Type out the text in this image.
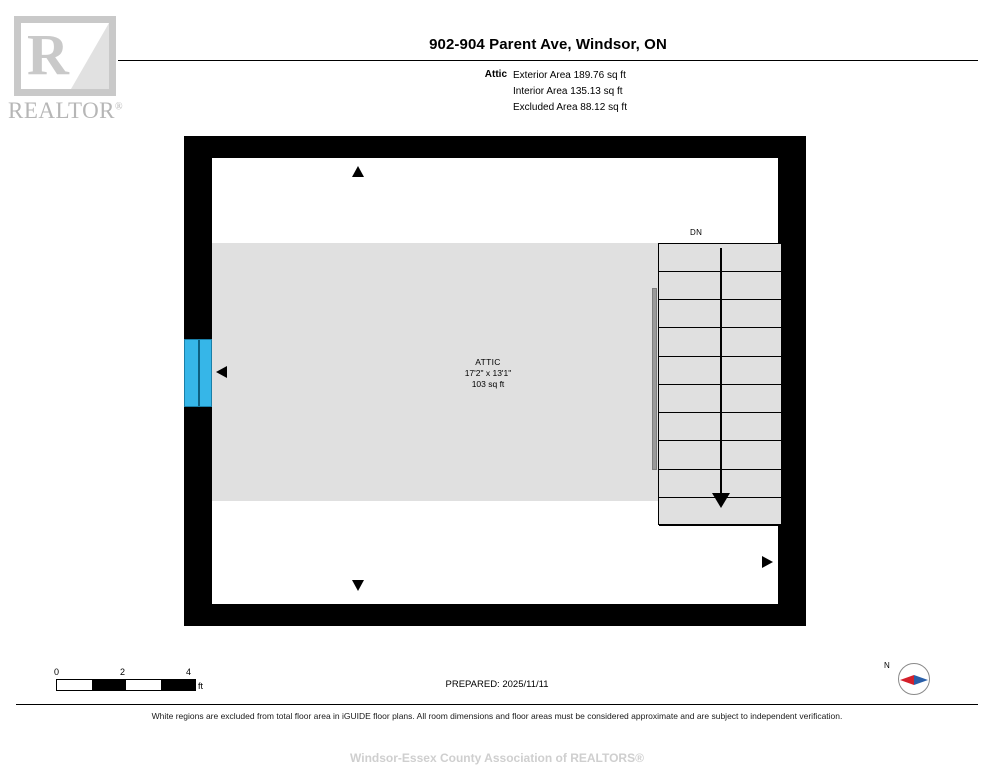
R
REALTOR®
902-904 Parent Ave, Windsor, ON
Attic Exterior Area 189.76 sq ft
Interior Area 135.13 sq ft
Excluded Area 88.12 sq ft
DN
ATTIC
17'2" x 13'1"
103 sq ft
0	2	4
ft	PREPARED: 2025/11/11
N
White regions are excluded from total floor area in iGUIDE floor plans. All room dimensions and floor areas must be considered approximate and are subject to independent verification.
Windsor-Essex County Association of REALTORS®
